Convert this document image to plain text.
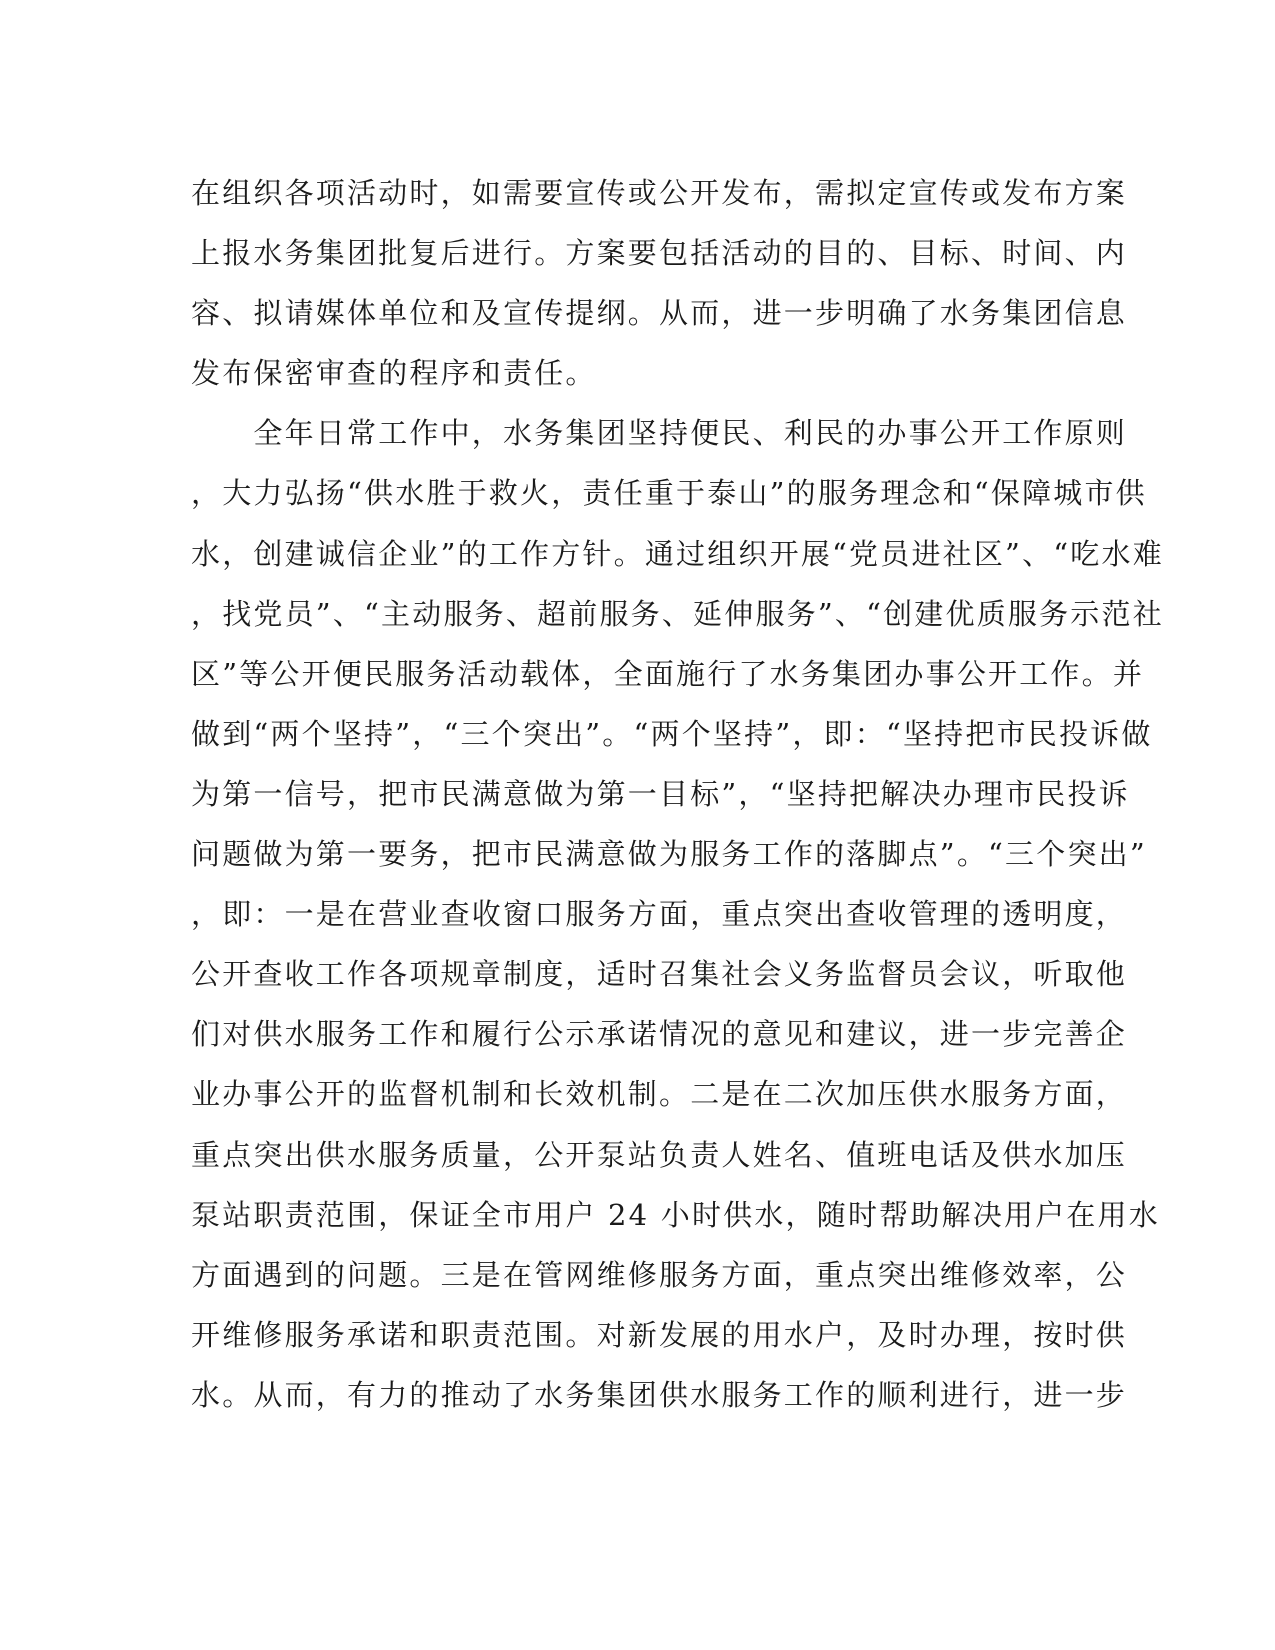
在组织各项活动时，如需要宣传或公开发布，需拟定宣传或发布方案
上报水务集团批复后进行。方案要包括活动的目的、目标、时间、内
容、拟请媒体单位和及宣传提纲。从而，进一步明确了水务集团信息
发布保密审查的程序和责任。
　　全年日常工作中，水务集团坚持便民、利民的办事公开工作原则
，大力弘扬“供水胜于救火，责任重于泰山”的服务理念和“保障城市供
水，创建诚信企业”的工作方针。通过组织开展“党员进社区”、“吃水难
，找党员”、“主动服务、超前服务、延伸服务”、“创建优质服务示范社
区”等公开便民服务活动载体，全面施行了水务集团办事公开工作。并
做到“两个坚持”，“三个突出”。“两个坚持”，即：“坚持把市民投诉做
为第一信号，把市民满意做为第一目标”，“坚持把解决办理市民投诉
问题做为第一要务，把市民满意做为服务工作的落脚点”。“三个突出”
，即：一是在营业查收窗口服务方面，重点突出查收管理的透明度，
公开查收工作各项规章制度，适时召集社会义务监督员会议，听取他
们对供水服务工作和履行公示承诺情况的意见和建议，进一步完善企
业办事公开的监督机制和长效机制。二是在二次加压供水服务方面，
重点突出供水服务质量，公开泵站负责人姓名、值班电话及供水加压
泵站职责范围，保证全市用户 24 小时供水，随时帮助解决用户在用水
方面遇到的问题。三是在管网维修服务方面，重点突出维修效率，公
开维修服务承诺和职责范围。对新发展的用水户，及时办理，按时供
水。从而，有力的推动了水务集团供水服务工作的顺利进行，进一步
